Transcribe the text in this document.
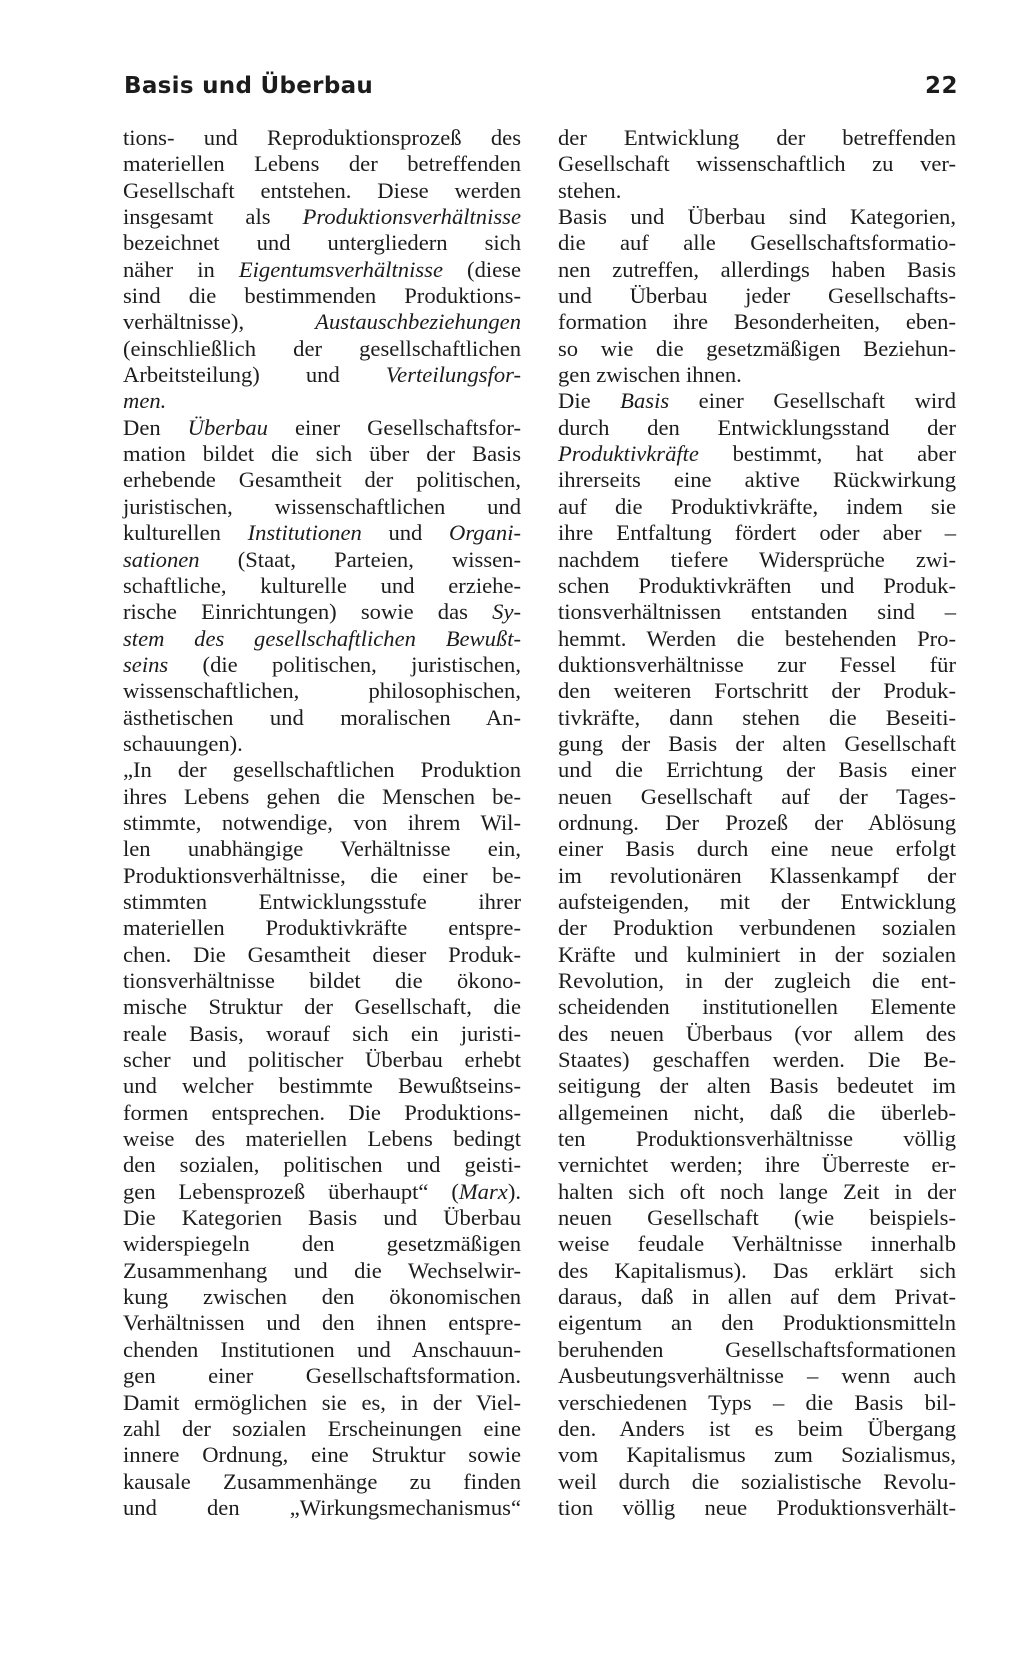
Basis und Überbau	22
tions- und Reproduktionsprozeß des
materiellen Lebens der betreffenden
Gesellschaft entstehen. Diese werden
insgesamt als Produktionsverhältnisse
bezeichnet und untergliedern sich
näher in Eigentumsverhältnisse (diese
sind die bestimmenden Produktions-
verhältnisse), Austauschbeziehungen
(einschließlich der gesellschaftlichen
Arbeitsteilung) und Verteilungsfor-
men.
Den Überbau einer Gesellschaftsfor-
mation bildet die sich über der Basis
erhebende Gesamtheit der politischen,
juristischen, wissenschaftlichen und
kulturellen Institutionen und Organi-
sationen (Staat, Parteien, wissen-
schaftliche, kulturelle und erziehe-
rische Einrichtungen) sowie das Sy-
stem des gesellschaftlichen Bewußt-
seins (die politischen, juristischen,
wissenschaftlichen, philosophischen,
ästhetischen und moralischen An-
schauungen).
„In der gesellschaftlichen Produktion
ihres Lebens gehen die Menschen be-
stimmte, notwendige, von ihrem Wil-
len unabhängige Verhältnisse ein,
Produktionsverhältnisse, die einer be-
stimmten Entwicklungsstufe ihrer
materiellen Produktivkräfte entspre-
chen. Die Gesamtheit dieser Produk-
tionsverhältnisse bildet die ökono-
mische Struktur der Gesellschaft, die
reale Basis, worauf sich ein juristi-
scher und politischer Überbau erhebt
und welcher bestimmte Bewußtseins-
formen entsprechen. Die Produktions-
weise des materiellen Lebens bedingt
den sozialen, politischen und geisti-
gen Lebensprozeß überhaupt“ (Marx).
Die Kategorien Basis und Überbau
widerspiegeln den gesetzmäßigen
Zusammenhang und die Wechselwir-
kung zwischen den ökonomischen
Verhältnissen und den ihnen entspre-
chenden Institutionen und Anschauun-
gen einer Gesellschaftsformation.
Damit ermöglichen sie es, in der Viel-
zahl der sozialen Erscheinungen eine
innere Ordnung, eine Struktur sowie
kausale Zusammenhänge zu finden
und den „Wirkungsmechanismus“
der Entwicklung der betreffenden
Gesellschaft wissenschaftlich zu ver-
stehen.
Basis und Überbau sind Kategorien,
die auf alle Gesellschaftsformatio-
nen zutreffen, allerdings haben Basis
und Überbau jeder Gesellschafts-
formation ihre Besonderheiten, eben-
so wie die gesetzmäßigen Beziehun-
gen zwischen ihnen.
Die Basis einer Gesellschaft wird
durch den Entwicklungsstand der
Produktivkräfte bestimmt, hat aber
ihrerseits eine aktive Rückwirkung
auf die Produktivkräfte, indem sie
ihre Entfaltung fördert oder aber –
nachdem tiefere Widersprüche zwi-
schen Produktivkräften und Produk-
tionsverhältnissen entstanden sind –
hemmt. Werden die bestehenden Pro-
duktionsverhältnisse zur Fessel für
den weiteren Fortschritt der Produk-
tivkräfte, dann stehen die Beseiti-
gung der Basis der alten Gesellschaft
und die Errichtung der Basis einer
neuen Gesellschaft auf der Tages-
ordnung. Der Prozeß der Ablösung
einer Basis durch eine neue erfolgt
im revolutionären Klassenkampf der
aufsteigenden, mit der Entwicklung
der Produktion verbundenen sozialen
Kräfte und kulminiert in der sozialen
Revolution, in der zugleich die ent-
scheidenden institutionellen Elemente
des neuen Überbaus (vor allem des
Staates) geschaffen werden. Die Be-
seitigung der alten Basis bedeutet im
allgemeinen nicht, daß die überleb-
ten Produktionsverhältnisse völlig
vernichtet werden; ihre Überreste er-
halten sich oft noch lange Zeit in der
neuen Gesellschaft (wie beispiels-
weise feudale Verhältnisse innerhalb
des Kapitalismus). Das erklärt sich
daraus, daß in allen auf dem Privat-
eigentum an den Produktionsmitteln
beruhenden Gesellschaftsformationen
Ausbeutungsverhältnisse – wenn auch
verschiedenen Typs – die Basis bil-
den. Anders ist es beim Übergang
vom Kapitalismus zum Sozialismus,
weil durch die sozialistische Revolu-
tion völlig neue Produktionsverhält-
